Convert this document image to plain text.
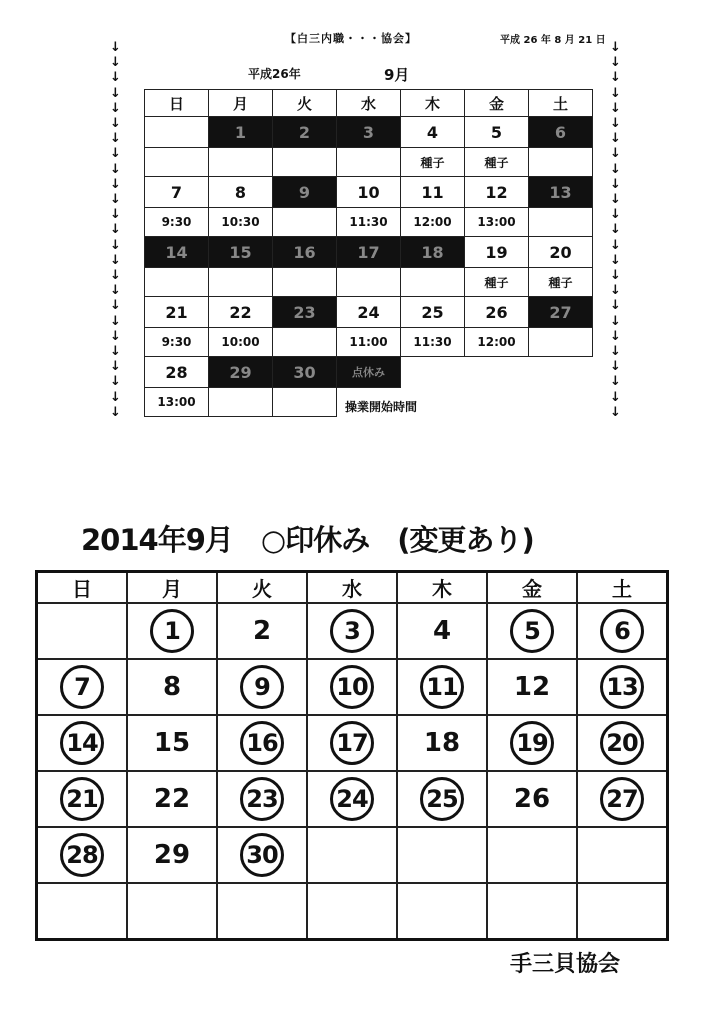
【白三内職・・・協会】	平成 26 年 8 月 21 日
↓
↓
↓
↓
↓
↓
↓
↓
↓
↓
↓
↓
↓
↓
↓
↓
↓
↓
↓
↓
↓
↓
↓
↓
↓
↓
↓
↓
↓
↓
↓
↓
↓
↓
↓
↓
↓
↓
↓
↓
↓
↓
↓
↓
↓
↓
↓
↓
↓
↓
平成26年	9月
日	月	火	水	木	金	土
	1	2	3	4	5	6
				種子	種子	
7	8	9	10	11	12	13
9:30	10:30		11:30	12:00	13:00	
14	15	16	17	18	19	20
					種子	種子
21	22	23	24	25	26	27
9:30	10:00		11:00	11:30	12:00	
28	29	30	点休み			
13:00							操業開始時間
2014年9月　○印休み　(変更あり)
日	月	火	水	木	金	土
	1	2	3	4	5	6
7	8	9	10	11	12	13
14	15	16	17	18	19	20
21	22	23	24	25	26	27
28	29	30				

手三貝協会
